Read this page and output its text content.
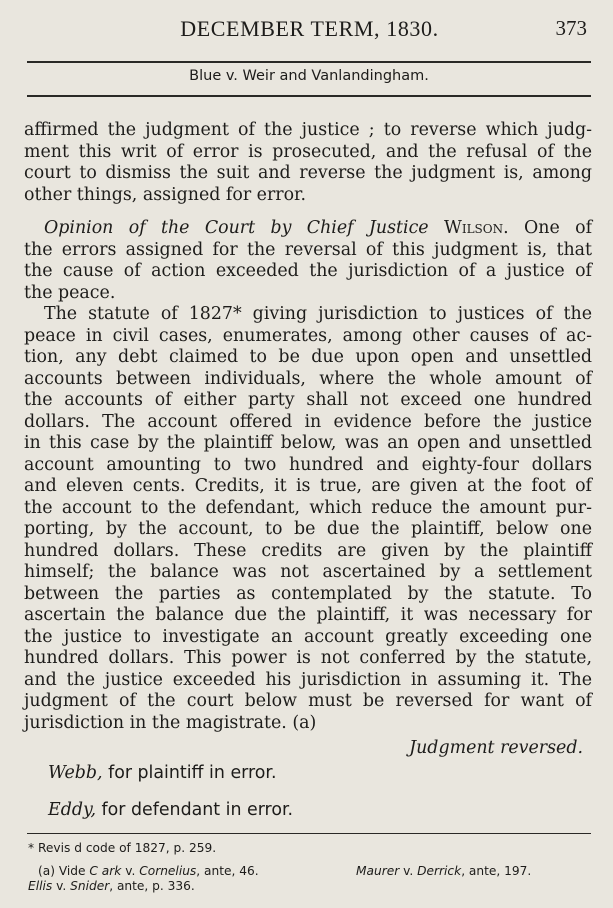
DECEMBER TERM, 1830.	373
Blue v. Weir and Vanlandingham.
affirmed the judgment of the justice ; to reverse which judg-
ment this writ of error is prosecuted, and the refusal of the
court to dismiss the suit and reverse the judgment is, among
other things, assigned for error.
Opinion of the Court by Chief Justice Wilson. One of
the errors assigned for the reversal of this judgment is, that
the cause of action exceeded the jurisdiction of a justice of
the peace.
The statute of 1827* giving jurisdiction to justices of the
peace in civil cases, enumerates, among other causes of ac-
tion, any debt claimed to be due upon open and unsettled
accounts between individuals, where the whole amount of
the accounts of either party shall not exceed one hundred
dollars. The account offered in evidence before the justice
in this case by the plaintiff below, was an open and unsettled
account amounting to two hundred and eighty-four dollars
and eleven cents. Credits, it is true, are given at the foot of
the account to the defendant, which reduce the amount pur-
porting, by the account, to be due the plaintiff, below one
hundred dollars. These credits are given by the plaintiff
himself; the balance was not ascertained by a settlement
between the parties as contemplated by the statute. To
ascertain the balance due the plaintiff, it was necessary for
the justice to investigate an account greatly exceeding one
hundred dollars. This power is not conferred by the statute,
and the justice exceeded his jurisdiction in assuming it. The
judgment of the court below must be reversed for want of
jurisdiction in the magistrate. (a)
Judgment reversed.
Webb, for plaintiff in error.
Eddy, for defendant in error.
* Revis d code of 1827, p. 259.
(a) Vide C ark v. Cornelius, ante, 46.	Maurer v. Derrick, ante, 197.
Ellis v. Snider, ante, p. 336.
